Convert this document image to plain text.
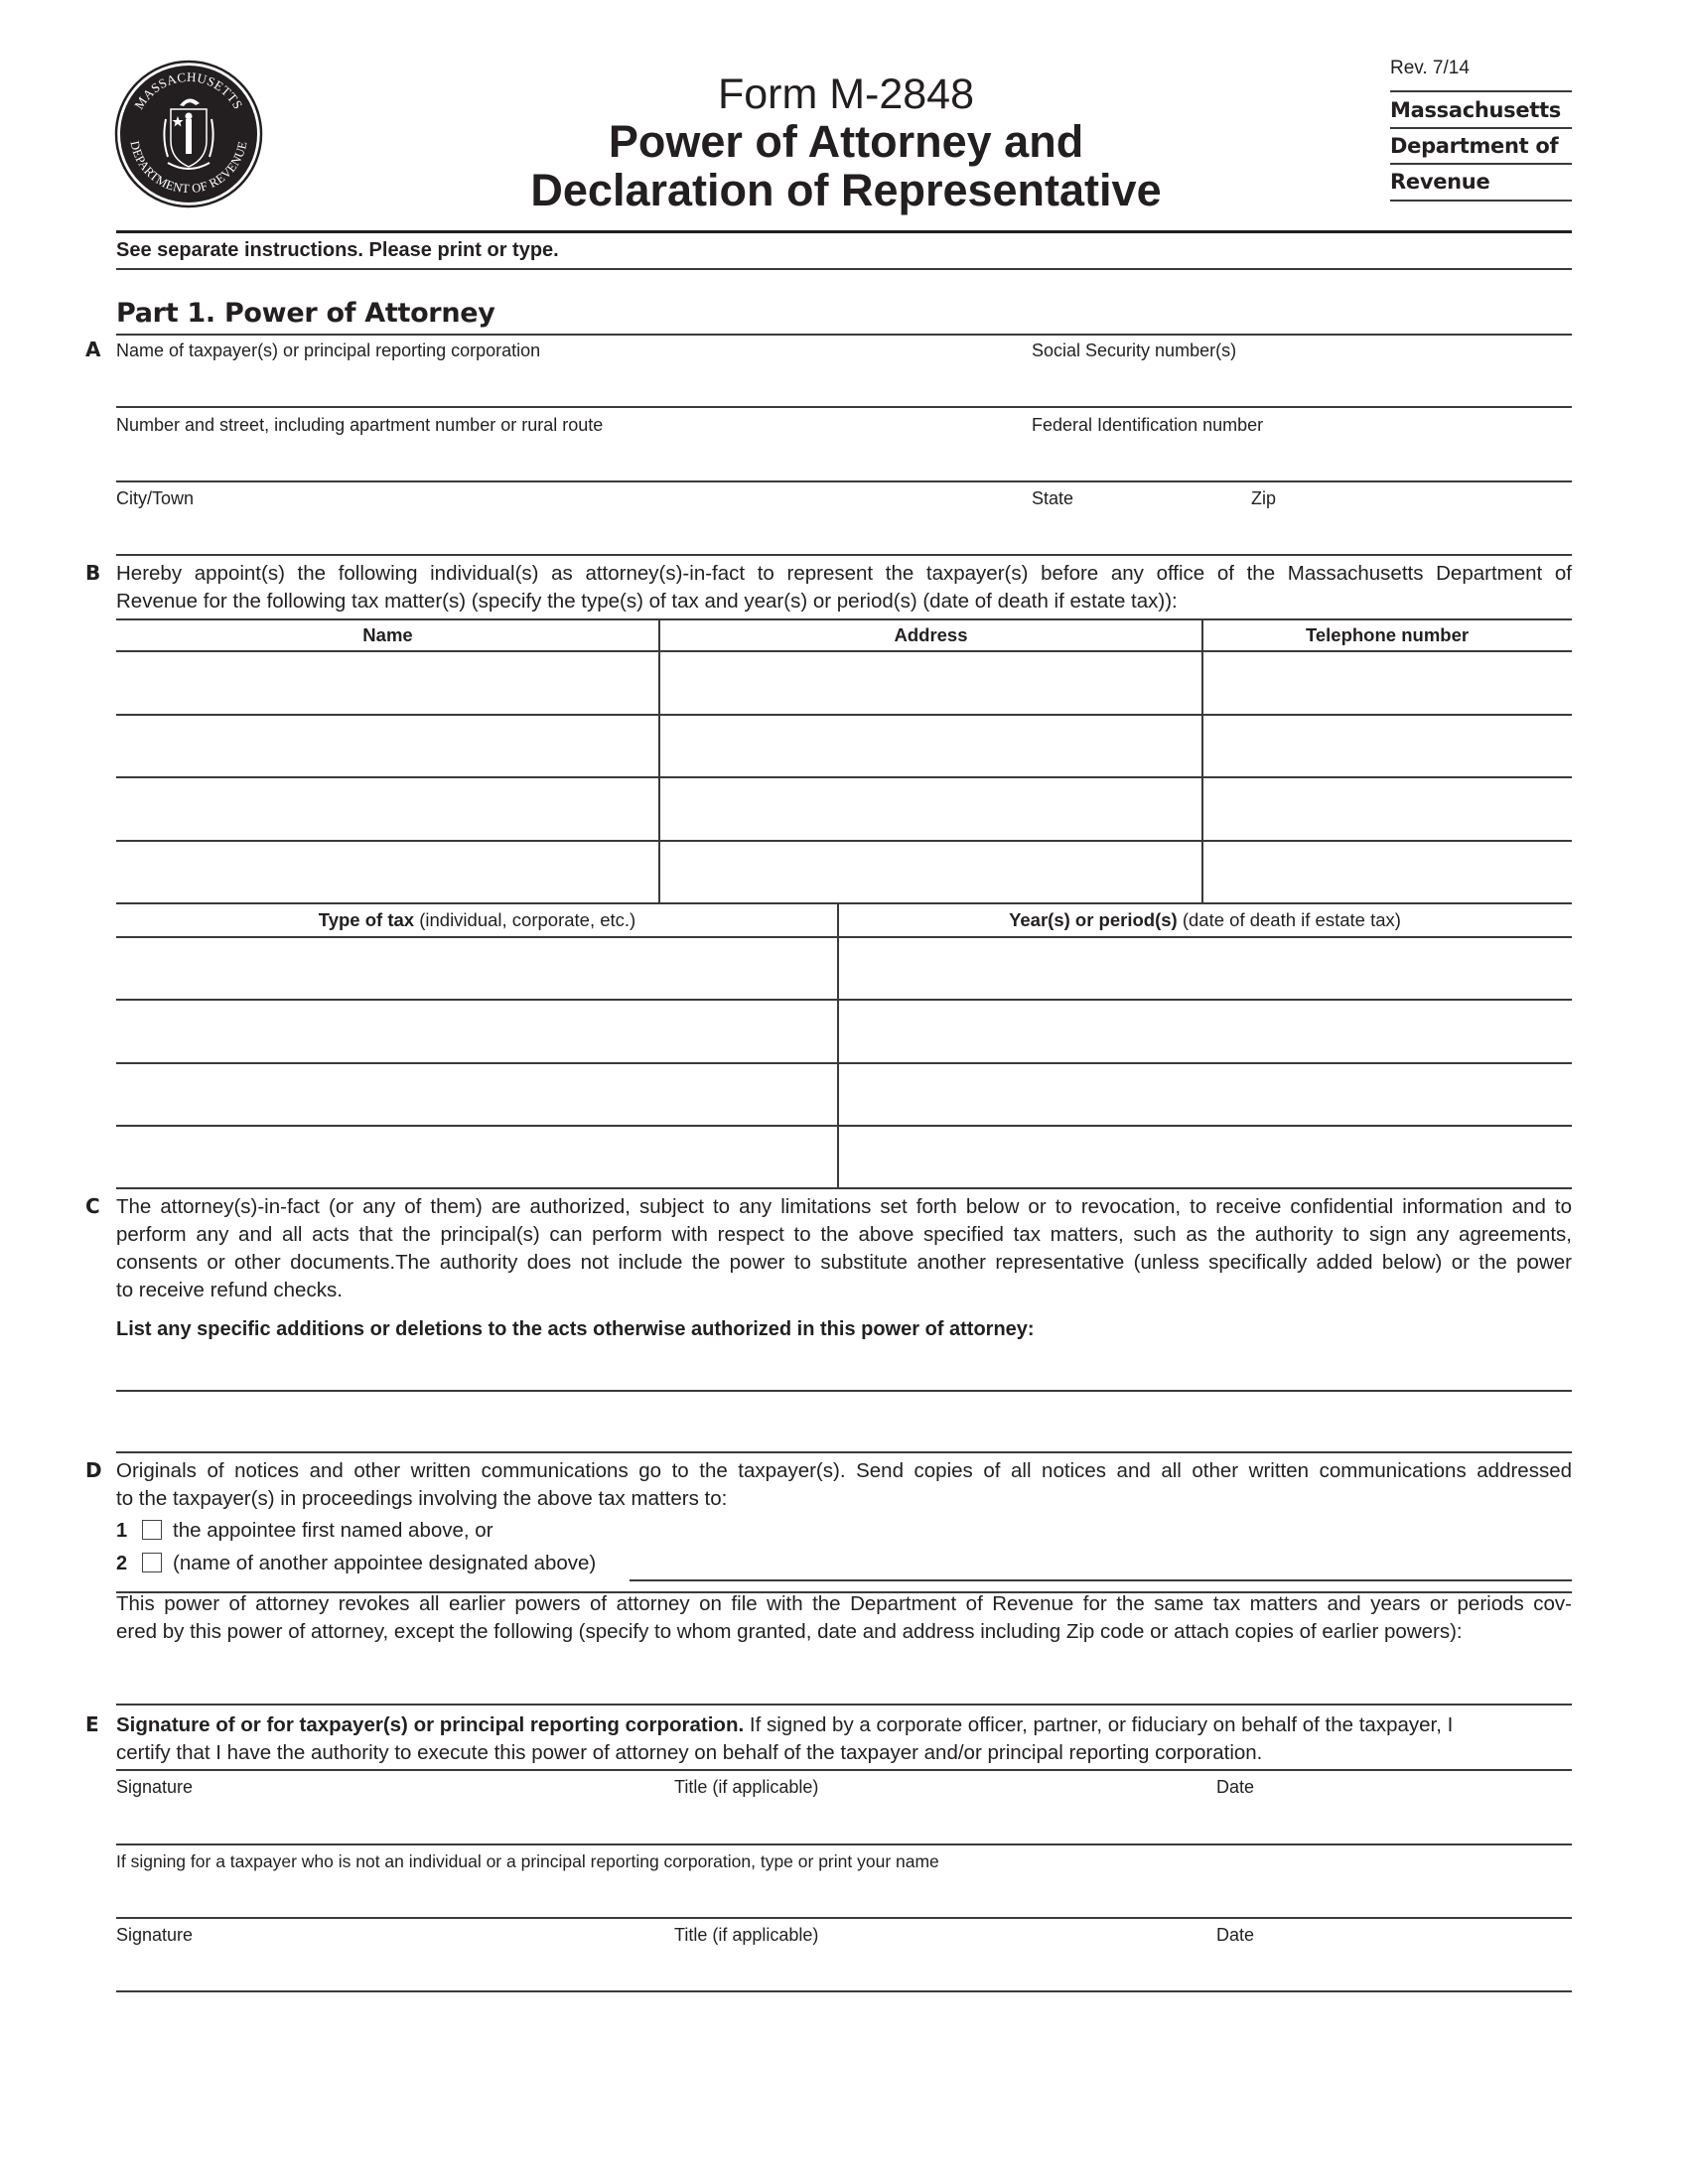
MASSACHUSETTS
DEPARTMENT OF REVENUE
Form M-2848
Power of Attorney and
Declaration of Representative
Rev. 7/14
Massachusetts
Department of
Revenue
See separate instructions. Please print or type.
Part 1. Power of Attorney
A Name of taxpayer(s) or principal reporting corporation	Social Security number(s)
Number and street, including apartment number or rural route	Federal Identification number
City/Town	State	Zip
B Hereby appoint(s) the following individual(s) as attorney(s)-in-fact to represent the taxpayer(s) before any office of the Massachusetts Department of
Revenue for the following tax matter(s) (specify the type(s) of tax and year(s) or period(s) (date of death if estate tax)):
Name	Address	Telephone number
Type of tax (individual, corporate, etc.)	Year(s) or period(s) (date of death if estate tax)
C The attorney(s)-in-fact (or any of them) are authorized, subject to any limitations set forth below or to revocation, to receive confidential information and to
perform any and all acts that the principal(s) can perform with respect to the above specified tax matters, such as the authority to sign any agreements,
consents or other documents.The authority does not include the power to substitute another representative (unless specifically added below) or the power
to receive refund checks.
List any specific additions or deletions to the acts otherwise authorized in this power of attorney:
D Originals of notices and other written communications go to the taxpayer(s). Send copies of all notices and all other written communications addressed
to the taxpayer(s) in proceedings involving the above tax matters to:
1 the appointee first named above, or
2 (name of another appointee designated above)
This power of attorney revokes all earlier powers of attorney on file with the Department of Revenue for the same tax matters and years or periods cov-
ered by this power of attorney, except the following (specify to whom granted, date and address including Zip code or attach copies of earlier powers):
E Signature of or for taxpayer(s) or principal reporting corporation. If signed by a corporate officer, partner, or fiduciary on behalf of the taxpayer, I
certify that I have the authority to execute this power of attorney on behalf of the taxpayer and/or principal reporting corporation.
Signature	Title (if applicable)	Date
If signing for a taxpayer who is not an individual or a principal reporting corporation, type or print your name
Signature	Title (if applicable)	Date
